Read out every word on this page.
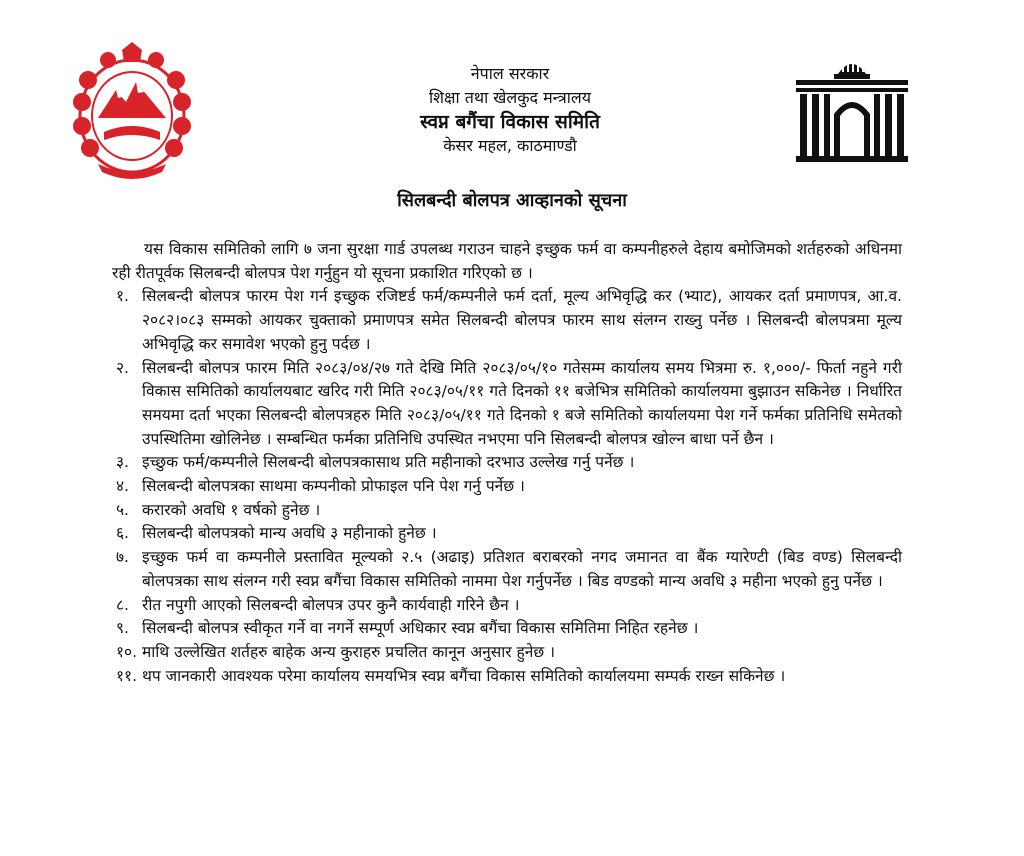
नेपाल सरकार
शिक्षा तथा खेलकुद मन्त्रालय
स्वप्न बगैंचा विकास समिति
केसर महल, काठमाण्डौ
सिलबन्दी बोलपत्र आव्हानको सूचना

यस विकास समितिको लागि ७ जना सुरक्षा गार्ड उपलब्ध गराउन चाहने इच्छुक फर्म वा कम्पनीहरुले देहाय बमोजिमको शर्तहरुको अधिनमा रही रीतपूर्वक सिलबन्दी बोलपत्र पेश गर्नुहुन यो सूचना प्रकाशित गरिएको छ ।

१. सिलबन्दी बोलपत्र फारम पेश गर्न इच्छुक रजिष्टर्ड फर्म/कम्पनीले फर्म दर्ता, मूल्य अभिवृद्धि कर (भ्याट), आयकर दर्ता प्रमाणपत्र, आ.व. २०८२।०८३ सम्मको आयकर चुक्ताको प्रमाणपत्र समेत सिलबन्दी बोलपत्र फारम साथ संलग्न राख्नु पर्नेछ । सिलबन्दी बोलपत्रमा मूल्य अभिवृद्धि कर समावेश भएको हुनु पर्दछ ।
२. सिलबन्दी बोलपत्र फारम मिति २०८३/०४/२७ गते देखि मिति २०८३/०५/१० गतेसम्म कार्यालय समय भित्रमा रु. १,०००/- फिर्ता नहुने गरी विकास समितिको कार्यालयबाट खरिद गरी मिति २०८३/०५/११ गते दिनको ११ बजेभित्र समितिको कार्यालयमा बुझाउन सकिनेछ । निर्धारित समयमा दर्ता भएका सिलबन्दी बोलपत्रहरु मिति २०८३/०५/११ गते दिनको १ बजे समितिको कार्यालयमा पेश गर्ने फर्मका प्रतिनिधि समेतको उपस्थितिमा खोलिनेछ । सम्बन्धित फर्मका प्रतिनिधि उपस्थित नभएमा पनि सिलबन्दी बोलपत्र खोल्न बाधा पर्ने छैन ।
३. इच्छुक फर्म/कम्पनीले सिलबन्दी बोलपत्रकासाथ प्रति महीनाको दरभाउ उल्लेख गर्नु पर्नेछ ।
४. सिलबन्दी बोलपत्रका साथमा कम्पनीको प्रोफाइल पनि पेश गर्नु पर्नेछ ।
५. करारको अवधि १ वर्षको हुनेछ ।
६. सिलबन्दी बोलपत्रको मान्य अवधि ३ महीनाको हुनेछ ।
७. इच्छुक फर्म वा कम्पनीले प्रस्तावित मूल्यको २.५ (अढाइ) प्रतिशत बराबरको नगद जमानत वा बैंक ग्यारेण्टी (बिड वण्ड) सिलबन्दी बोलपत्रका साथ संलग्न गरी स्वप्न बगैंचा विकास समितिको नाममा पेश गर्नुपर्नेछ । बिड वण्डको मान्य अवधि ३ महीना भएको हुनु पर्नेछ ।
८. रीत नपुगी आएको सिलबन्दी बोलपत्र उपर कुनै कार्यवाही गरिने छैन ।
९. सिलबन्दी बोलपत्र स्वीकृत गर्ने वा नगर्ने सम्पूर्ण अधिकार स्वप्न बगैंचा विकास समितिमा निहित रहनेछ ।
१०. माथि उल्लेखित शर्तहरु बाहेक अन्य कुराहरु प्रचलित कानून अनुसार हुनेछ ।
११. थप जानकारी आवश्यक परेमा कार्यालय समयभित्र स्वप्न बगैंचा विकास समितिको कार्यालयमा सम्पर्क राख्न सकिनेछ ।
